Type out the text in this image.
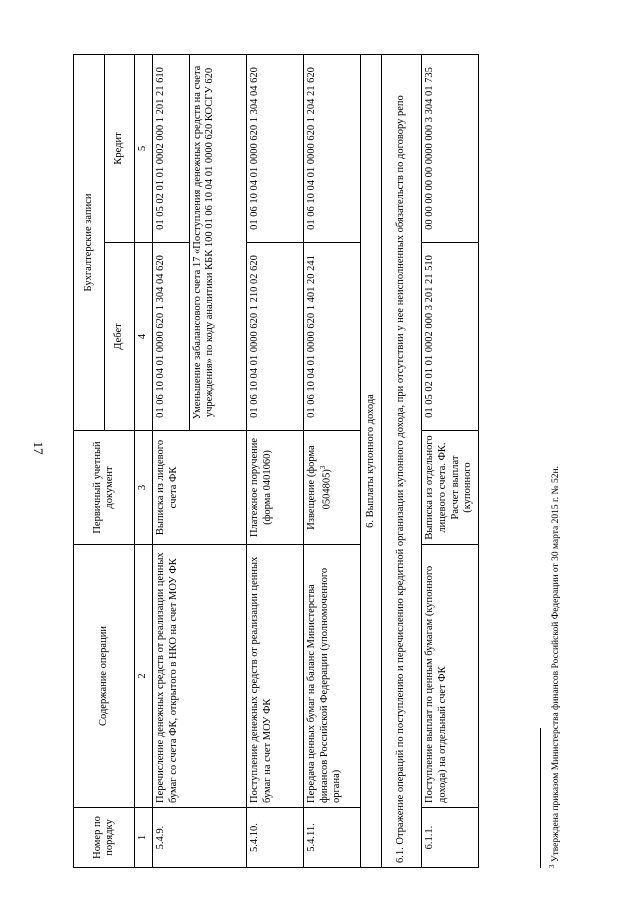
17
Номер по порядку	Содержание операции	Первичный учетный документ	Бухгалтерские записи	
			Дебет	Кредит
1	2	3	4	5
5.4.9.	Перечисление денежных средств от реализации ценных бумаг со счета ФК, открытого в НКО на счет МОУ ФК	Выписка из лицевого счета ФК	01 06 10 04 01 0000 620 1 304 04 620	01 05 02 01 01 0002 000 1 201 21 610
			Уменьшение забалансового счета 17 «Поступления денежных средств на счета учреждения» по коду аналитики КБК 100 01 06 10 04 01 0000 620 КОСГУ 620	
5.4.10.	Поступление денежных средств от реализации ценных бумаг на счет МОУ ФК	Платежное поручение (форма 0401060)	01 06 10 04 01 0000 620 1 210 02 620	01 06 10 04 01 0000 620 1 304 04 620
5.4.11.	Передача ценных бумаг на баланс Министерства финансов Российской Федерации (уполномоченного органа)	Извещение (форма 0504805)$^3$	01 06 10 04 01 0000 620 1 401 20 241	01 06 10 04 01 0000 620 1 204 21 620
6. Выплаты купонного дохода				
6.1. Отражение операций по поступлению и перечислению кредитной организации купонного дохода, при отсутствии у нее неисполненных обязательств по договору репо				
6.1.1.	Поступление выплат по ценным бумагам (купонного дохода) на отдельный счет ФК	Выписка из отдельного лицевого счета. ФК. Расчет выплат (купонного	01 05 02 01 01 0002 000 3 201 21 510	00 00 00 00 00 0000 000 3 304 01 735
$^3$ Утверждена приказом Министерства финансов Российской Федерации от 30 марта 2015 г. № 52н.
